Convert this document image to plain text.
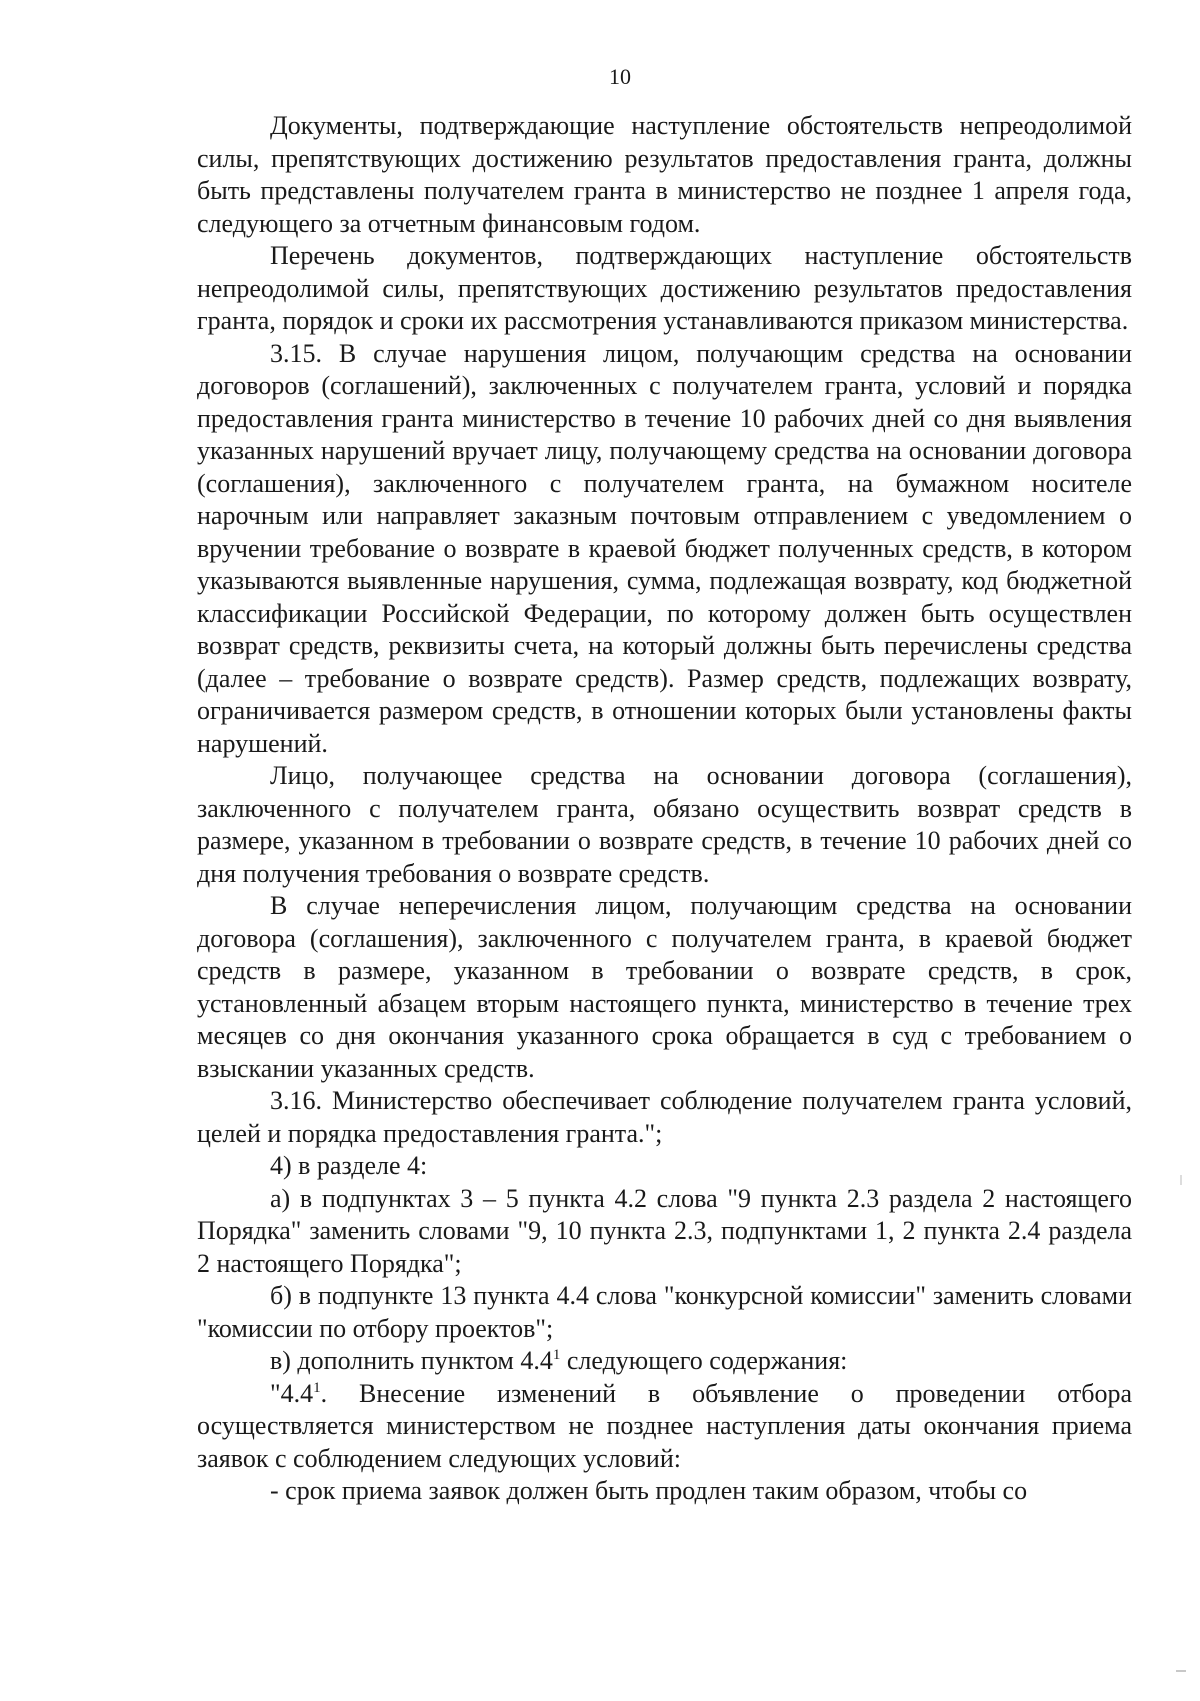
10

Документы, подтверждающие наступление обстоятельств непреодолимой силы, препятствующих достижению результатов предоставления гранта, должны быть представлены получателем гранта в министерство не позднее 1 апреля года, следующего за отчетным финансовым годом.

Перечень документов, подтверждающих наступление обстоятельств непреодолимой силы, препятствующих достижению результатов предоставления гранта, порядок и сроки их рассмотрения устанавливаются приказом министерства.

3.15. В случае нарушения лицом, получающим средства на основании договоров (соглашений), заключенных с получателем гранта, условий и порядка предоставления гранта министерство в течение 10 рабочих дней со дня выявления указанных нарушений вручает лицу, получающему средства на основании договора (соглашения), заключенного с получателем гранта, на бумажном носителе нарочным или направляет заказным почтовым отправлением с уведомлением о вручении требование о возврате в краевой бюджет полученных средств, в котором указываются выявленные нарушения, сумма, подлежащая возврату, код бюджетной классификации Российской Федерации, по которому должен быть осуществлен возврат средств, реквизиты счета, на который должны быть перечислены средства (далее – требование о возврате средств). Размер средств, подлежащих возврату, ограничивается размером средств, в отношении которых были установлены факты нарушений.

Лицо, получающее средства на основании договора (соглашения), заключенного с получателем гранта, обязано осуществить возврат средств в размере, указанном в требовании о возврате средств, в течение 10 рабочих дней со дня получения требования о возврате средств.

В случае неперечисления лицом, получающим средства на основании договора (соглашения), заключенного с получателем гранта, в краевой бюджет средств в размере, указанном в требовании о возврате средств, в срок, установленный абзацем вторым настоящего пункта, министерство в течение трех месяцев со дня окончания указанного срока обращается в суд с требованием о взыскании указанных средств.

3.16. Министерство обеспечивает соблюдение получателем гранта условий, целей и порядка предоставления гранта.";

4) в разделе 4:

а) в подпунктах 3 – 5 пункта 4.2 слова "9 пункта 2.3 раздела 2 настоящего Порядка" заменить словами "9, 10 пункта 2.3, подпунктами 1, 2 пункта 2.4 раздела 2 настоящего Порядка";

б) в подпункте 13 пункта 4.4 слова "конкурсной комиссии" заменить словами "комиссии по отбору проектов";

в) дополнить пунктом $4.4^1$ следующего содержания:

"$4.4^1$. Внесение изменений в объявление о проведении отбора осуществляется министерством не позднее наступления даты окончания приема заявок с соблюдением следующих условий:

- срок приема заявок должен быть продлен таким образом, чтобы со
